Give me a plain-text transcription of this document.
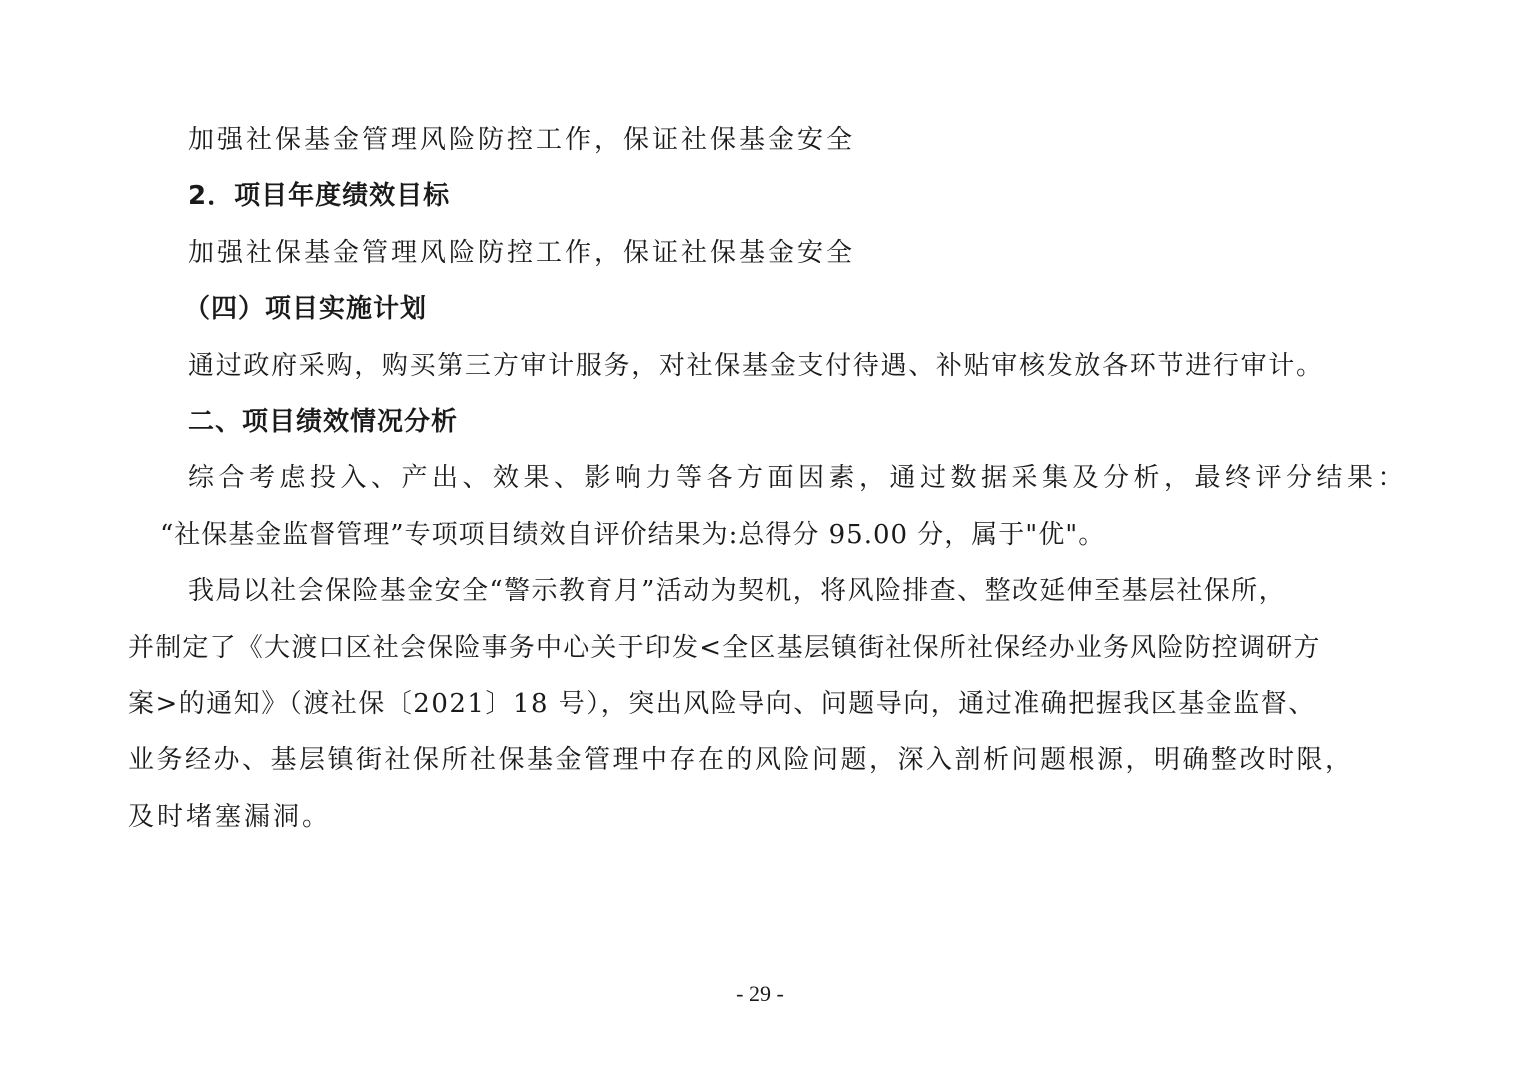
加强社保基金管理风险防控工作，保证社保基金安全
2．项目年度绩效目标
加强社保基金管理风险防控工作，保证社保基金安全
（四）项目实施计划
通过政府采购，购买第三方审计服务，对社保基金支付待遇、补贴审核发放各环节进行审计。
二、项目绩效情况分析
综合考虑投入、产出、效果、影响力等各方面因素，通过数据采集及分析，最终评分结果：
“社保基金监督管理”专项项目绩效自评价结果为:总得分 95.00 分，属于"优"。
我局以社会保险基金安全“警示教育月”活动为契机，将风险排查、整改延伸至基层社保所，
并制定了《大渡口区社会保险事务中心关于印发<全区基层镇街社保所社保经办业务风险防控调研方
案>的通知》（渡社保〔2021〕18 号），突出风险导向、问题导向，通过准确把握我区基金监督、
业务经办、基层镇街社保所社保基金管理中存在的风险问题，深入剖析问题根源，明确整改时限，
及时堵塞漏洞。
- 29 -
